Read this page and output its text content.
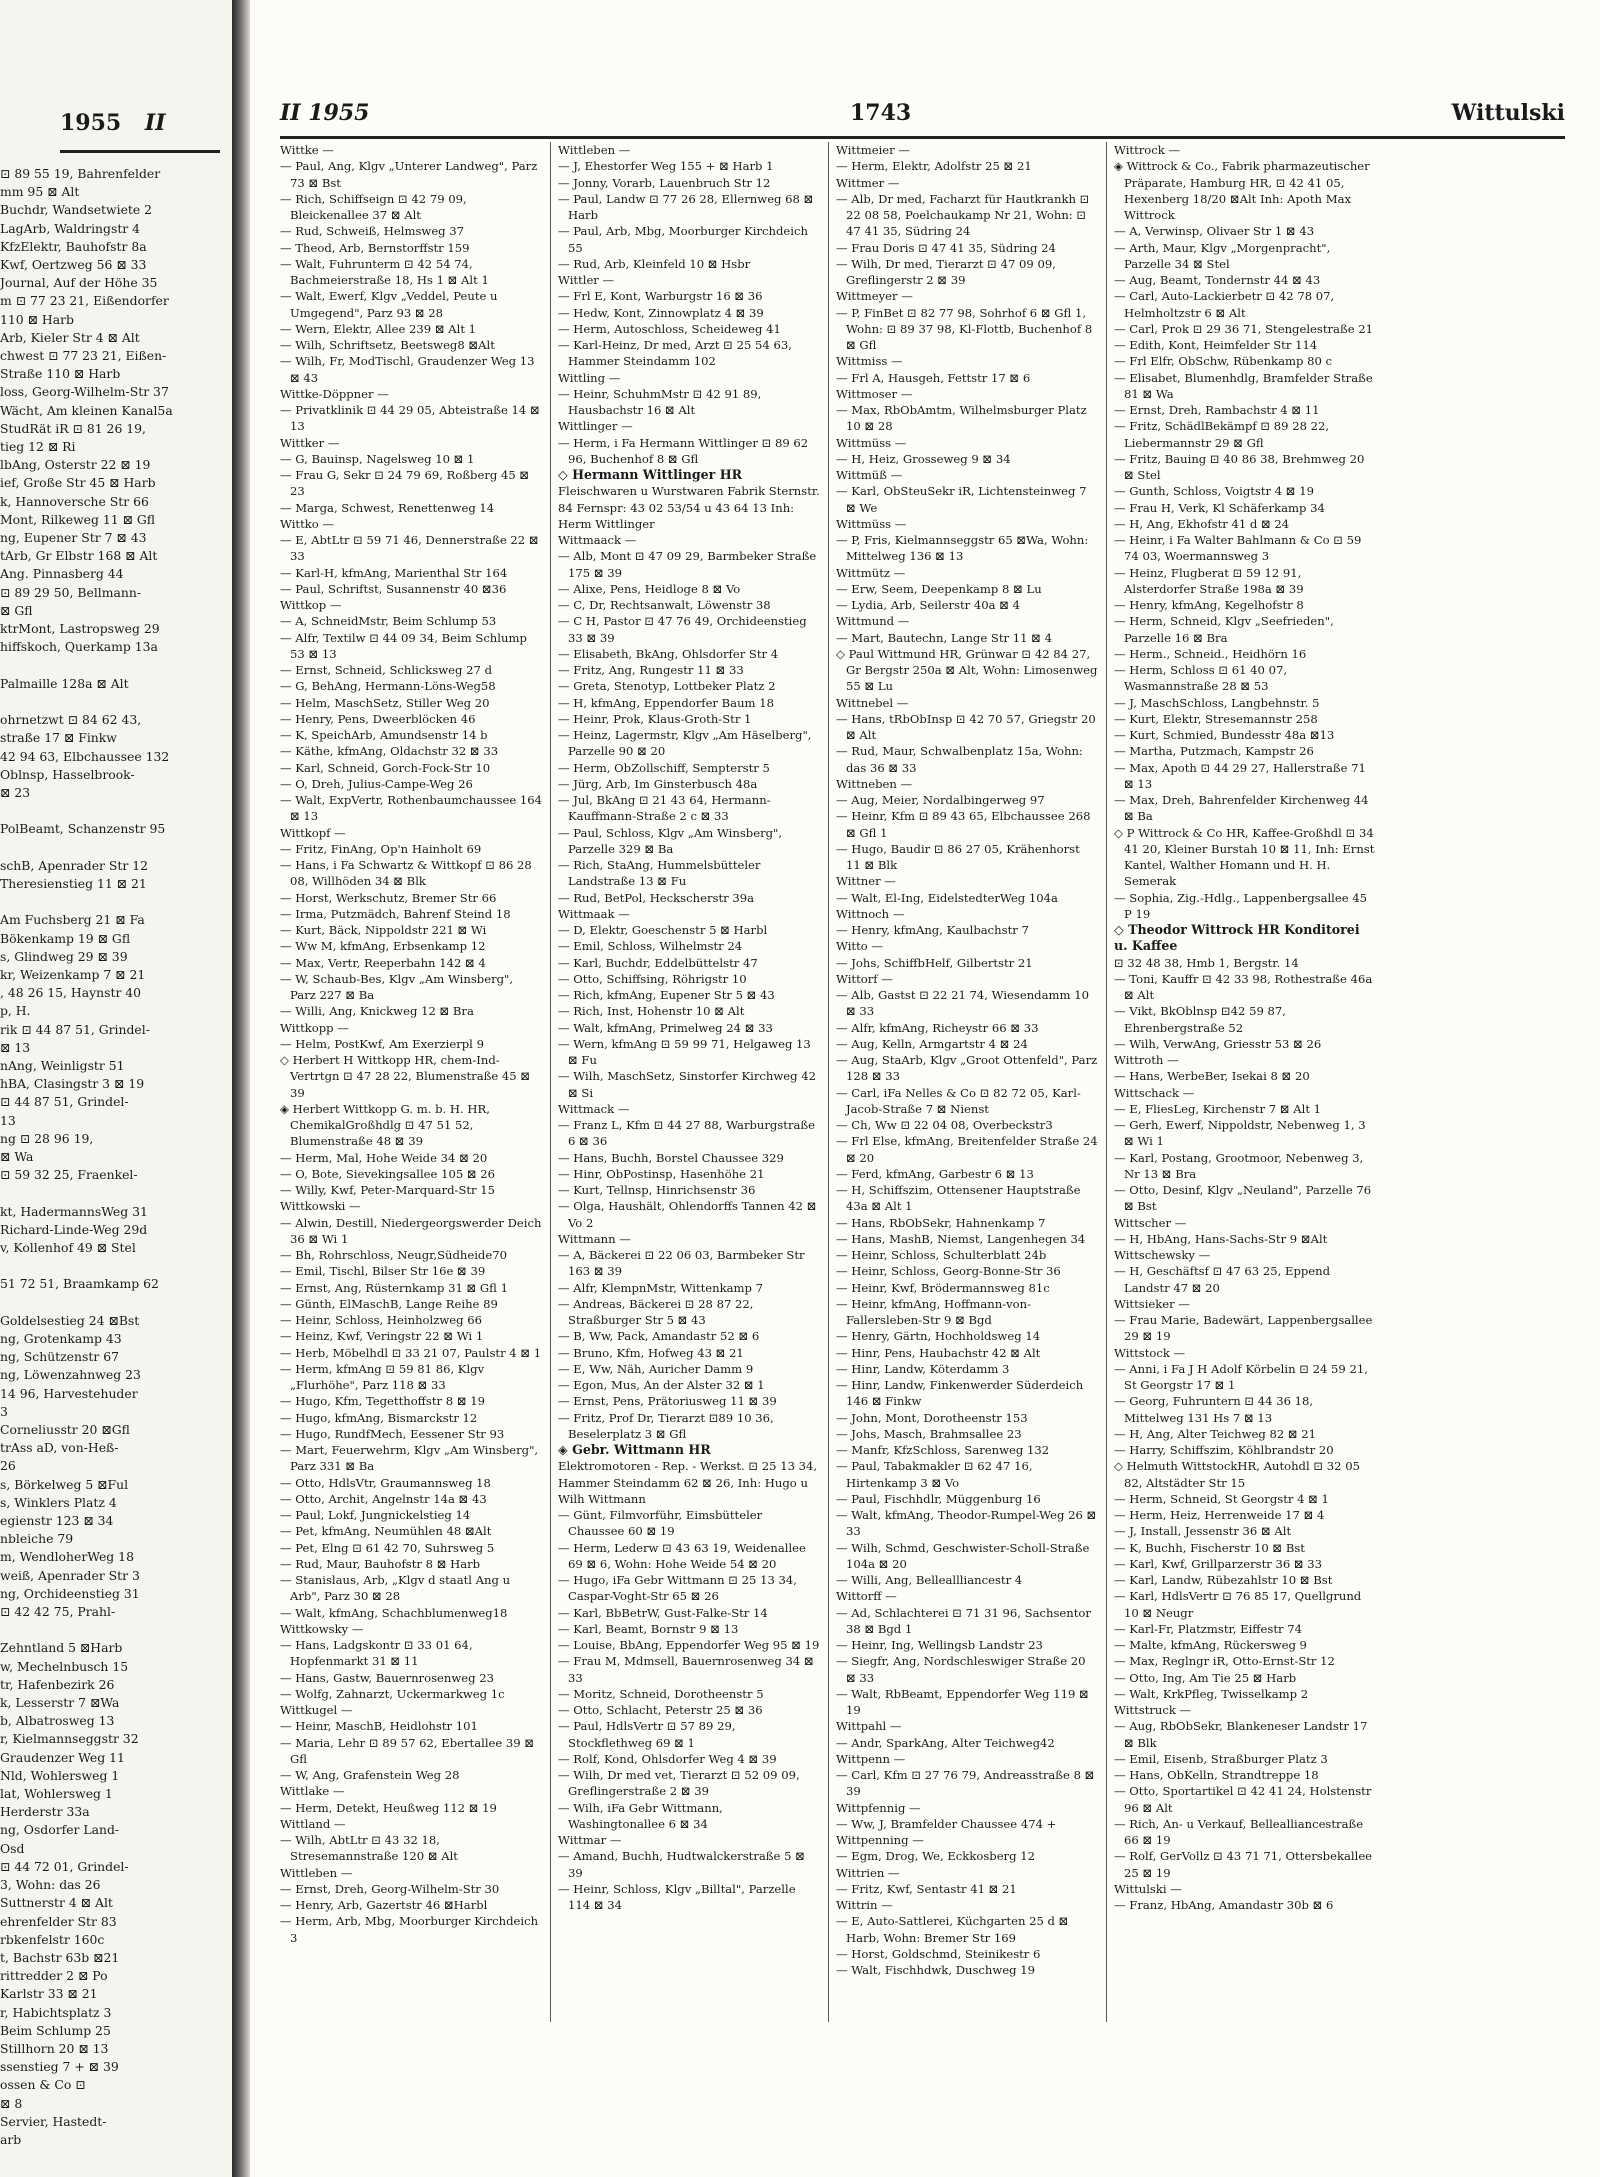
1955 II
⊡ 89 55 19, Bahrenfelder
mm 95 ⊠ Alt
Buchdr, Wandsetwiete 2
LagArb, Waldringstr 4
KfzElektr, Bauhofstr 8a
Kwf, Oertzweg 56 ⊠ 33
Journal, Auf der Höhe 35
m ⊡ 77 23 21, Eißendorfer
110 ⊠ Harb
Arb, Kieler Str 4 ⊠ Alt
chwest ⊡ 77 23 21, Eißen-
Straße 110 ⊠ Harb
loss, Georg-Wilhelm-Str 37
Wächt, Am kleinen Kanal5a
StudRät iR ⊡ 81 26 19,
tieg 12 ⊠ Ri
lbAng, Osterstr 22 ⊠ 19
ief, Große Str 45 ⊠ Harb
k, Hannoversche Str 66
Mont, Rilkeweg 11 ⊠ Gfl
ng, Eupener Str 7 ⊠ 43
tArb, Gr Elbstr 168 ⊠ Alt
Ang. Pinnasberg 44
⊡ 89 29 50, Bellmann-
⊠ Gfl
ktrMont, Lastropsweg 29
hiffskoch, Querkamp 13a

Palmaille 128a ⊠ Alt

ohrnetzwt ⊡ 84 62 43,
straße 17 ⊠ Finkw
42 94 63, Elbchaussee 132
Oblnsp, Hasselbrook-
⊠ 23

PolBeamt, Schanzenstr 95

schB, Apenrader Str 12
Theresienstieg 11 ⊠ 21

Am Fuchsberg 21 ⊠ Fa
Bökenkamp 19 ⊠ Gfl
s, Glindweg 29 ⊠ 39
kr, Weizenkamp 7 ⊠ 21
, 48 26 15, Haynstr 40
p, H.
rik ⊡ 44 87 51, Grindel-
⊠ 13
nAng, Weinligstr 51
hBA, Clasingstr 3 ⊠ 19
⊡ 44 87 51, Grindel-
13
ng ⊡ 28 96 19,
⊠ Wa
⊡ 59 32 25, Fraenkel-

kt, HadermannsWeg 31
Richard-Linde-Weg 29d
v, Kollenhof 49 ⊠ Stel

51 72 51, Braamkamp 62

Goldelsestieg 24 ⊠Bst
ng, Grotenkamp 43
ng, Schützenstr 67
ng, Löwenzahnweg 23
14 96, Harvestehuder
3
Corneliusstr 20 ⊠Gfl
trAss aD, von-Heß-
26
s, Börkelweg 5 ⊠Ful
s, Winklers Platz 4
egienstr 123 ⊠ 34
nbleiche 79
m, WendloherWeg 18
weiß, Apenrader Str 3
ng, Orchideenstieg 31
⊡ 42 42 75, Prahl-

Zehntland 5 ⊠Harb
w, Mechelnbusch 15
tr, Hafenbezirk 26
k, Lesserstr 7 ⊠Wa
b, Albatrosweg 13
r, Kielmannseggstr 32
Graudenzer Weg 11
Nld, Wohlersweg 1
lat, Wohlersweg 1
Herderstr 33a
ng, Osdorfer Land-
Osd
⊡ 44 72 01, Grindel-
3, Wohn: das 26
Suttnerstr 4 ⊠ Alt
ehrenfelder Str 83
rbkenfelstr 160c
t, Bachstr 63b ⊠21
rittredder 2 ⊠ Po
Karlstr 33 ⊠ 21
r, Habichtsplatz 3
Beim Schlump 25
Stillhorn 20 ⊠ 13
ssenstieg 7 + ⊠ 39
ossen & Co ⊡
⊠ 8
Servier, Hastedt-
arb
II 1955	1743	Wittulski
Wittke —
— Paul, Ang, Klgv „Unterer Landweg", Parz 73 ⊠ Bst
— Rich, Schiffseign ⊡ 42 79 09, Bleickenallee 37 ⊠ Alt
— Rud, Schweiß, Helmsweg 37
— Theod, Arb, Bernstorffstr 159
— Walt, Fuhrunterm ⊡ 42 54 74, Bachmeierstraße 18, Hs 1 ⊠ Alt 1
— Walt, Ewerf, Klgv „Veddel, Peute u Umgegend", Parz 93 ⊠ 28
— Wern, Elektr, Allee 239 ⊠ Alt 1
— Wilh, Schriftsetz, Beetsweg8 ⊠Alt
— Wilh, Fr, ModTischl, Graudenzer Weg 13 ⊠ 43
Wittke-Döppner —
— Privatklinik ⊡ 44 29 05, Abteistraße 14 ⊠ 13
Wittker —
— G, Bauinsp, Nagelsweg 10 ⊠ 1
— Frau G, Sekr ⊡ 24 79 69, Roßberg 45 ⊠ 23
— Marga, Schwest, Renettenweg 14
Wittko —
— E, AbtLtr ⊡ 59 71 46, Dennerstraße 22 ⊠ 33
— Karl-H, kfmAng, Marienthal Str 164
— Paul, Schriftst, Susannenstr 40 ⊠36
Wittkop —
— A, SchneidMstr, Beim Schlump 53
— Alfr, Textilw ⊡ 44 09 34, Beim Schlump 53 ⊠ 13
— Ernst, Schneid, Schlicksweg 27 d
— G, BehAng, Hermann-Löns-Weg58
— Helm, MaschSetz, Stiller Weg 20
— Henry, Pens, Dweerblöcken 46
— K, SpeichArb, Amundsenstr 14 b
— Käthe, kfmAng, Oldachstr 32 ⊠ 33
— Karl, Schneid, Gorch-Fock-Str 10
— O, Dreh, Julius-Campe-Weg 26
— Walt, ExpVertr, Rothenbaumchaussee 164 ⊠ 13
Wittkopf —
— Fritz, FinAng, Op'n Hainholt 69
— Hans, i Fa Schwartz & Wittkopf ⊡ 86 28 08, Willhöden 34 ⊠ Blk
— Horst, Werkschutz, Bremer Str 66
— Irma, Putzmädch, Bahrenf Steind 18
— Kurt, Bäck, Nippoldstr 221 ⊠ Wi
— Ww M, kfmAng, Erbsenkamp 12
— Max, Vertr, Reeperbahn 142 ⊠ 4
— W, Schaub-Bes, Klgv „Am Winsberg", Parz 227 ⊠ Ba
— Willi, Ang, Knickweg 12 ⊠ Bra
Wittkopp —
— Helm, PostKwf, Am Exerzierpl 9
◇ Herbert H Wittkopp HR, chem-Ind-Vertrtgn ⊡ 47 28 22, Blumenstraße 45 ⊠ 39
◈ Herbert Wittkopp G. m. b. H. HR, ChemikalGroßhdlg ⊡ 47 51 52, Blumenstraße 48 ⊠ 39
— Herm, Mal, Hohe Weide 34 ⊠ 20
— O, Bote, Sievekingsallee 105 ⊠ 26
— Willy, Kwf, Peter-Marquard-Str 15
Wittkowski —
— Alwin, Destill, Niedergeorgswerder Deich 36 ⊠ Wi 1
— Bh, Rohrschloss, Neugr,Südheide70
— Emil, Tischl, Bilser Str 16e ⊠ 39
— Ernst, Ang, Rüsternkamp 31 ⊠ Gfl 1
— Günth, ElMaschB, Lange Reihe 89
— Heinr, Schloss, Heinholzweg 66
— Heinz, Kwf, Veringstr 22 ⊠ Wi 1
— Herb, Möbelhdl ⊡ 33 21 07, Paulstr 4 ⊠ 1
— Herm, kfmAng ⊡ 59 81 86, Klgv „Flurhöhe", Parz 118 ⊠ 33
— Hugo, Kfm, Tegetthoffstr 8 ⊠ 19
— Hugo, kfmAng, Bismarckstr 12
— Hugo, RundfMech, Eessener Str 93
— Mart, Feuerwehrm, Klgv „Am Winsberg", Parz 331 ⊠ Ba
— Otto, HdlsVtr, Graumannsweg 18
— Otto, Archit, Angelnstr 14a ⊠ 43
— Paul, Lokf, Jungnickelstieg 14
— Pet, kfmAng, Neumühlen 48 ⊠Alt
— Pet, Elng ⊡ 61 42 70, Suhrsweg 5
— Rud, Maur, Bauhofstr 8 ⊠ Harb
— Stanislaus, Arb, „Klgv d staatl Ang u Arb", Parz 30 ⊠ 28
— Walt, kfmAng, Schachblumenweg18
Wittkowsky —
— Hans, Ladgskontr ⊡ 33 01 64, Hopfenmarkt 31 ⊠ 11
— Hans, Gastw, Bauernrosenweg 23
— Wolfg, Zahnarzt, Uckermarkweg 1c
Wittkugel —
— Heinr, MaschB, Heidlohstr 101
— Maria, Lehr ⊡ 89 57 62, Ebertallee 39 ⊠ Gfl
— W, Ang, Grafenstein Weg 28
Wittlake —
— Herm, Detekt, Heußweg 112 ⊠ 19
Wittland —
— Wilh, AbtLtr ⊡ 43 32 18, Stresemannstraße 120 ⊠ Alt
Wittleben —
— Ernst, Dreh, Georg-Wilhelm-Str 30
— Henry, Arb, Gazertstr 46 ⊠Harbl
— Herm, Arb, Mbg, Moorburger Kirchdeich 3
Wittleben —
— J, Ehestorfer Weg 155 + ⊠ Harb 1
— Jonny, Vorarb, Lauenbruch Str 12
— Paul, Landw ⊡ 77 26 28, Ellernweg 68 ⊠ Harb
— Paul, Arb, Mbg, Moorburger Kirchdeich 55
— Rud, Arb, Kleinfeld 10 ⊠ Hsbr
Wittler —
— Frl E, Kont, Warburgstr 16 ⊠ 36
— Hedw, Kont, Zinnowplatz 4 ⊠ 39
— Herm, Autoschloss, Scheideweg 41
— Karl-Heinz, Dr med, Arzt ⊡ 25 54 63, Hammer Steindamm 102
Wittling —
— Heinr, SchuhmMstr ⊡ 42 91 89, Hausbachstr 16 ⊠ Alt
Wittlinger —
— Herm, i Fa Hermann Wittlinger ⊡ 89 62 96, Buchenhof 8 ⊠ Gfl
◇ Hermann Wittlinger HR
Fleischwaren u Wurstwaren Fabrik Sternstr. 84 Fernspr: 43 02 53/54 u 43 64 13 Inh: Herm Wittlinger
Wittmaack —
— Alb, Mont ⊡ 47 09 29, Barmbeker Straße 175 ⊠ 39
— Alixe, Pens, Heidloge 8 ⊠ Vo
— C, Dr, Rechtsanwalt, Löwenstr 38
— C H, Pastor ⊡ 47 76 49, Orchideenstieg 33 ⊠ 39
— Elisabeth, BkAng, Ohlsdorfer Str 4
— Fritz, Ang, Rungestr 11 ⊠ 33
— Greta, Stenotyp, Lottbeker Platz 2
— H, kfmAng, Eppendorfer Baum 18
— Heinr, Prok, Klaus-Groth-Str 1
— Heinz, Lagermstr, Klgv „Am Häselberg", Parzelle 90 ⊠ 20
— Herm, ObZollschiff, Sempterstr 5
— Jürg, Arb, Im Ginsterbusch 48a
— Jul, BkAng ⊡ 21 43 64, Hermann-Kauffmann-Straße 2 c ⊠ 33
— Paul, Schloss, Klgv „Am Winsberg", Parzelle 329 ⊠ Ba
— Rich, StaAng, Hummelsbütteler Landstraße 13 ⊠ Fu
— Rud, BetPol, Heckscherstr 39a
Wittmaak —
— D, Elektr, Goeschenstr 5 ⊠ Harbl
— Emil, Schloss, Wilhelmstr 24
— Karl, Buchdr, Eddelbüttelstr 47
— Otto, Schiffsing, Röhrigstr 10
— Rich, kfmAng, Eupener Str 5 ⊠ 43
— Rich, Inst, Hohenstr 10 ⊠ Alt
— Walt, kfmAng, Primelweg 24 ⊠ 33
— Wern, kfmAng ⊡ 59 99 71, Helgaweg 13 ⊠ Fu
— Wilh, MaschSetz, Sinstorfer Kirchweg 42 ⊠ Si
Wittmack —
— Franz L, Kfm ⊡ 44 27 88, Warburgstraße 6 ⊠ 36
— Hans, Buchh, Borstel Chaussee 329
— Hinr, ObPostinsp, Hasenhöhe 21
— Kurt, Tellnsp, Hinrichsenstr 36
— Olga, Haushält, Ohlendorffs Tannen 42 ⊠ Vo 2
Wittmann —
— A, Bäckerei ⊡ 22 06 03, Barmbeker Str 163 ⊠ 39
— Alfr, KlempnMstr, Wittenkamp 7
— Andreas, Bäckerei ⊡ 28 87 22, Straßburger Str 5 ⊠ 43
— B, Ww, Pack, Amandastr 52 ⊠ 6
— Bruno, Kfm, Hofweg 43 ⊠ 21
— E, Ww, Näh, Auricher Damm 9
— Egon, Mus, An der Alster 32 ⊠ 1
— Ernst, Pens, Prätoriusweg 11 ⊠ 39
— Fritz, Prof Dr, Tierarzt ⊡89 10 36, Beselerplatz 3 ⊠ Gfl
◈ Gebr. Wittmann HR
Elektromotoren - Rep. - Werkst. ⊡ 25 13 34, Hammer Steindamm 62 ⊠ 26, Inh: Hugo u Wilh Wittmann
— Günt, Filmvorführ, Eimsbütteler Chaussee 60 ⊠ 19
— Herm, Lederw ⊡ 43 63 19, Weidenallee 69 ⊠ 6, Wohn: Hohe Weide 54 ⊠ 20
— Hugo, iFa Gebr Wittmann ⊡ 25 13 34, Caspar-Voght-Str 65 ⊠ 26
— Karl, BbBetrW, Gust-Falke-Str 14
— Karl, Beamt, Bornstr 9 ⊠ 13
— Louise, BbAng, Eppendorfer Weg 95 ⊠ 19
— Frau M, Mdmsell, Bauernrosenweg 34 ⊠ 33
— Moritz, Schneid, Dorotheenstr 5
— Otto, Schlacht, Peterstr 25 ⊠ 36
— Paul, HdlsVertr ⊡ 57 89 29, Stockflethweg 69 ⊠ 1
— Rolf, Kond, Ohlsdorfer Weg 4 ⊠ 39
— Wilh, Dr med vet, Tierarzt ⊡ 52 09 09, Greflingerstraße 2 ⊠ 39
— Wilh, iFa Gebr Wittmann, Washingtonallee 6 ⊠ 34
Wittmar —
— Amand, Buchh, Hudtwalckerstraße 5 ⊠ 39
— Heinr, Schloss, Klgv „Billtal", Parzelle 114 ⊠ 34
Wittmeier —
— Herm, Elektr, Adolfstr 25 ⊠ 21
Wittmer —
— Alb, Dr med, Facharzt für Hautkrankh ⊡ 22 08 58, Poelchaukamp Nr 21, Wohn: ⊡ 47 41 35, Südring 24
— Frau Doris ⊡ 47 41 35, Südring 24
— Wilh, Dr med, Tierarzt ⊡ 47 09 09, Greflingerstr 2 ⊠ 39
Wittmeyer —
— P, FinBet ⊡ 82 77 98, Sohrhof 6 ⊠ Gfl 1, Wohn: ⊡ 89 37 98, Kl-Flottb, Buchenhof 8 ⊠ Gfl
Wittmiss —
— Frl A, Hausgeh, Fettstr 17 ⊠ 6
Wittmoser —
— Max, RbObAmtm, Wilhelmsburger Platz 10 ⊠ 28
Wittmüss —
— H, Heiz, Grosseweg 9 ⊠ 34
Wittmüß —
— Karl, ObSteuSekr iR, Lichtensteinweg 7 ⊠ We
Wittmüss —
— P, Fris, Kielmannseggstr 65 ⊠Wa, Wohn: Mittelweg 136 ⊠ 13
Wittmütz —
— Erw, Seem, Deepenkamp 8 ⊠ Lu
— Lydia, Arb, Seilerstr 40a ⊠ 4
Wittmund —
— Mart, Bautechn, Lange Str 11 ⊠ 4
◇ Paul Wittmund HR, Grünwar ⊡ 42 84 27, Gr Bergstr 250a ⊠ Alt, Wohn: Limosenweg 55 ⊠ Lu
Wittnebel —
— Hans, tRbObInsp ⊡ 42 70 57, Griegstr 20 ⊠ Alt
— Rud, Maur, Schwalbenplatz 15a, Wohn: das 36 ⊠ 33
Wittneben —
— Aug, Meier, Nordalbingerweg 97
— Heinr, Kfm ⊡ 89 43 65, Elbchaussee 268 ⊠ Gfl 1
— Hugo, Baudir ⊡ 86 27 05, Krähenhorst 11 ⊠ Blk
Wittner —
— Walt, El-Ing, EidelstedterWeg 104a
Wittnoch —
— Henry, kfmAng, Kaulbachstr 7
Witto —
— Johs, SchiffbHelf, Gilbertstr 21
Wittorf —
— Alb, Gastst ⊡ 22 21 74, Wiesendamm 10 ⊠ 33
— Alfr, kfmAng, Richeystr 66 ⊠ 33
— Aug, Kelln, Armgartstr 4 ⊠ 24
— Aug, StaArb, Klgv „Groot Ottenfeld", Parz 128 ⊠ 33
— Carl, iFa Nelles & Co ⊡ 82 72 05, Karl-Jacob-Straße 7 ⊠ Nienst
— Ch, Ww ⊡ 22 04 08, Overbeckstr3
— Frl Else, kfmAng, Breitenfelder Straße 24 ⊠ 20
— Ferd, kfmAng, Garbestr 6 ⊠ 13
— H, Schiffszim, Ottensener Hauptstraße 43a ⊠ Alt 1
— Hans, RbObSekr, Hahnenkamp 7
— Hans, MashB, Niemst, Langenhegen 34
— Heinr, Schloss, Schulterblatt 24b
— Heinr, Schloss, Georg-Bonne-Str 36
— Heinr, Kwf, Brödermannsweg 81c
— Heinr, kfmAng, Hoffmann-von-Fallersleben-Str 9 ⊠ Bgd
— Henry, Gärtn, Hochholdsweg 14
— Hinr, Pens, Haubachstr 42 ⊠ Alt
— Hinr, Landw, Köterdamm 3
— Hinr, Landw, Finkenwerder Süderdeich 146 ⊠ Finkw
— John, Mont, Dorotheenstr 153
— Johs, Masch, Brahmsallee 23
— Manfr, KfzSchloss, Sarenweg 132
— Paul, Tabakmakler ⊡ 62 47 16, Hirtenkamp 3 ⊠ Vo
— Paul, Fischhdlr, Müggenburg 16
— Walt, kfmAng, Theodor-Rumpel-Weg 26 ⊠ 33
— Wilh, Schmd, Geschwister-Scholl-Straße 104a ⊠ 20
— Willi, Ang, Belleallliancestr 4
Wittorff —
— Ad, Schlachterei ⊡ 71 31 96, Sachsentor 38 ⊠ Bgd 1
— Heinr, Ing, Wellingsb Landstr 23
— Siegfr, Ang, Nordschleswiger Straße 20 ⊠ 33
— Walt, RbBeamt, Eppendorfer Weg 119 ⊠ 19
Wittpahl —
— Andr, SparkAng, Alter Teichweg42
Wittpenn —
— Carl, Kfm ⊡ 27 76 79, Andreasstraße 8 ⊠ 39
Wittpfennig —
— Ww, J, Bramfelder Chaussee 474 +
Wittpenning —
— Egm, Drog, We, Eckkosberg 12
Wittrien —
— Fritz, Kwf, Sentastr 41 ⊠ 21
Wittrin —
— E, Auto-Sattlerei, Küchgarten 25 d ⊠ Harb, Wohn: Bremer Str 169
— Horst, Goldschmd, Steinikestr 6
— Walt, Fischhdwk, Duschweg 19
Wittrock —
◈ Wittrock & Co., Fabrik pharmazeutischer Präparate, Hamburg HR, ⊡ 42 41 05, Hexenberg 18/20 ⊠Alt Inh: Apoth Max Wittrock
— A, Verwinsp, Olivaer Str 1 ⊠ 43
— Arth, Maur, Klgv „Morgenpracht", Parzelle 34 ⊠ Stel
— Aug, Beamt, Tondernstr 44 ⊠ 43
— Carl, Auto-Lackierbetr ⊡ 42 78 07, Helmholtzstr 6 ⊠ Alt
— Carl, Prok ⊡ 29 36 71, Stengelestraße 21
— Edith, Kont, Heimfelder Str 114
— Frl Elfr, ObSchw, Rübenkamp 80 c
— Elisabet, Blumenhdlg, Bramfelder Straße 81 ⊠ Wa
— Ernst, Dreh, Rambachstr 4 ⊠ 11
— Fritz, SchädlBekämpf ⊡ 89 28 22, Liebermannstr 29 ⊠ Gfl
— Fritz, Bauing ⊡ 40 86 38, Brehmweg 20 ⊠ Stel
— Gunth, Schloss, Voigtstr 4 ⊠ 19
— Frau H, Verk, Kl Schäferkamp 34
— H, Ang, Ekhofstr 41 d ⊠ 24
— Heinr, i Fa Walter Bahlmann & Co ⊡ 59 74 03, Woermannsweg 3
— Heinz, Flugberat ⊡ 59 12 91, Alsterdorfer Straße 198a ⊠ 39
— Henry, kfmAng, Kegelhofstr 8
— Herm, Schneid, Klgv „Seefrieden", Parzelle 16 ⊠ Bra
— Herm., Schneid., Heidhörn 16
— Herm, Schloss ⊡ 61 40 07, Wasmannstraße 28 ⊠ 53
— J, MaschSchloss, Langbehnstr. 5
— Kurt, Elektr, Stresemannstr 258
— Kurt, Schmied, Bundesstr 48a ⊠13
— Martha, Putzmach, Kampstr 26
— Max, Apoth ⊡ 44 29 27, Hallerstraße 71 ⊠ 13
— Max, Dreh, Bahrenfelder Kirchenweg 44 ⊠ Ba
◇ P Wittrock & Co HR, Kaffee-Großhdl ⊡ 34 41 20, Kleiner Burstah 10 ⊠ 11, Inh: Ernst Kantel, Walther Homann und H. H. Semerak
— Sophia, Zig.-Hdlg., Lappenbergsallee 45 P 19
◇ Theodor Wittrock HR Konditorei u. Kaffee
⊡ 32 48 38, Hmb 1, Bergstr. 14
— Toni, Kauffr ⊡ 42 33 98, Rothestraße 46a ⊠ Alt
— Vikt, BkOblnsp ⊡42 59 87, Ehrenbergstraße 52
— Wilh, VerwAng, Griesstr 53 ⊠ 26
Wittroth —
— Hans, WerbeBer, Isekai 8 ⊠ 20
Wittschack —
— E, FliesLeg, Kirchenstr 7 ⊠ Alt 1
— Gerh, Ewerf, Nippoldstr, Nebenweg 1, 3 ⊠ Wi 1
— Karl, Postang, Grootmoor, Nebenweg 3, Nr 13 ⊠ Bra
— Otto, Desinf, Klgv „Neuland", Parzelle 76 ⊠ Bst
Wittscher —
— H, HbAng, Hans-Sachs-Str 9 ⊠Alt
Wittschewsky —
— H, Geschäftsf ⊡ 47 63 25, Eppend Landstr 47 ⊠ 20
Wittsieker —
— Frau Marie, Badewärt, Lappenbergsallee 29 ⊠ 19
Wittstock —
— Anni, i Fa J H Adolf Körbelin ⊡ 24 59 21, St Georgstr 17 ⊠ 1
— Georg, Fuhruntern ⊡ 44 36 18, Mittelweg 131 Hs 7 ⊠ 13
— H, Ang, Alter Teichweg 82 ⊠ 21
— Harry, Schiffszim, Köhlbrandstr 20
◇ Helmuth WittstockHR, Autohdl ⊡ 32 05 82, Altstädter Str 15
— Herm, Schneid, St Georgstr 4 ⊠ 1
— Herm, Heiz, Herrenweide 17 ⊠ 4
— J, Install, Jessenstr 36 ⊠ Alt
— K, Buchh, Fischerstr 10 ⊠ Bst
— Karl, Kwf, Grillparzerstr 36 ⊠ 33
— Karl, Landw, Rübezahlstr 10 ⊠ Bst
— Karl, HdlsVertr ⊡ 76 85 17, Quellgrund 10 ⊠ Neugr
— Karl-Fr, Platzmstr, Eiffestr 74
— Malte, kfmAng, Rückersweg 9
— Max, Reglngr iR, Otto-Ernst-Str 12
— Otto, Ing, Am Tie 25 ⊠ Harb
— Walt, KrkPfleg, Twisselkamp 2
Wittstruck —
— Aug, RbObSekr, Blankeneser Landstr 17 ⊠ Blk
— Emil, Eisenb, Straßburger Platz 3
— Hans, ObKelln, Strandtreppe 18
— Otto, Sportartikel ⊡ 42 41 24, Holstenstr 96 ⊠ Alt
— Rich, An- u Verkauf, Bellealliancestraße 66 ⊠ 19
— Rolf, GerVollz ⊡ 43 71 71, Ottersbekallee 25 ⊠ 19
Wittulski —
— Franz, HbAng, Amandastr 30b ⊠ 6
